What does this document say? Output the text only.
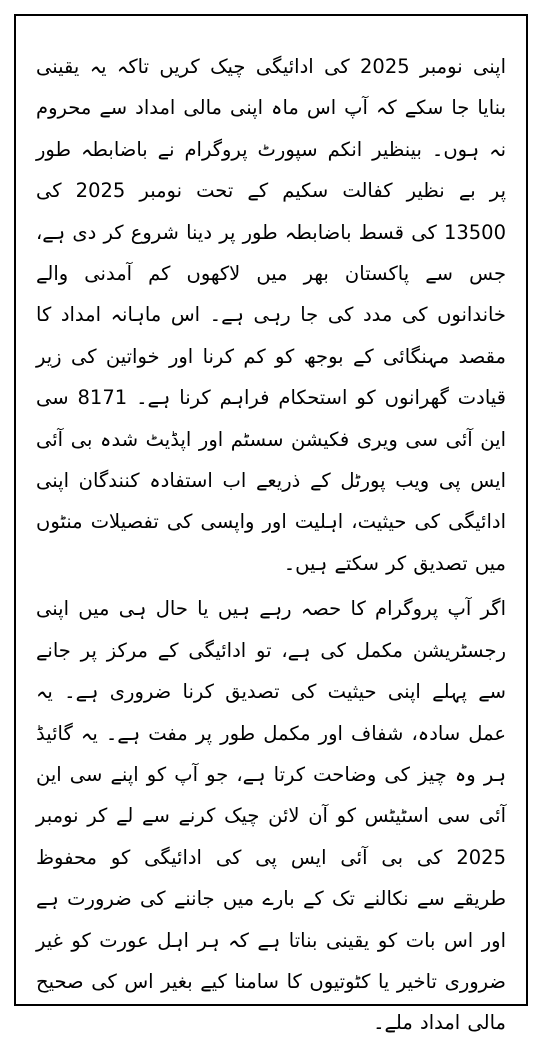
اپنی نومبر 2025 کی ادائیگی چیک کریں تاکہ یہ یقینی بنایا جا سکے کہ آپ اس ماہ اپنی مالی امداد سے محروم نہ ہوں۔ بینظیر انکم سپورٹ پروگرام نے باضابطہ طور پر بے نظیر کفالت سکیم کے تحت نومبر 2025 کی 13500 کی قسط باضابطہ طور پر دینا شروع کر دی ہے، جس سے پاکستان بھر میں لاکھوں کم آمدنی والے خاندانوں کی مدد کی جا رہی ہے۔ اس ماہانہ امداد کا مقصد مہنگائی کے بوجھ کو کم کرنا اور خواتین کی زیر قیادت گھرانوں کو استحکام فراہم کرنا ہے۔ 8171 سی این آئی سی ویری فکیشن سسٹم اور اپڈیٹ شدہ بی آئی ایس پی ویب پورٹل کے ذریعے اب استفادہ کنندگان اپنی ادائیگی کی حیثیت، اہلیت اور واپسی کی تفصیلات منٹوں میں تصدیق کر سکتے ہیں۔

اگر آپ پروگرام کا حصہ رہے ہیں یا حال ہی میں اپنی رجسٹریشن مکمل کی ہے، تو ادائیگی کے مرکز پر جانے سے پہلے اپنی حیثیت کی تصدیق کرنا ضروری ہے۔ یہ عمل سادہ، شفاف اور مکمل طور پر مفت ہے۔ یہ گائیڈ ہر وہ چیز کی وضاحت کرتا ہے، جو آپ کو اپنے سی این آئی سی اسٹیٹس کو آن لائن چیک کرنے سے لے کر نومبر 2025 کی بی آئی ایس پی کی ادائیگی کو محفوظ طریقے سے نکالنے تک کے بارے میں جاننے کی ضرورت ہے اور اس بات کو یقینی بناتا ہے کہ ہر اہل عورت کو غیر ضروری تاخیر یا کٹوتیوں کا سامنا کیے بغیر اس کی صحیح مالی امداد ملے۔
